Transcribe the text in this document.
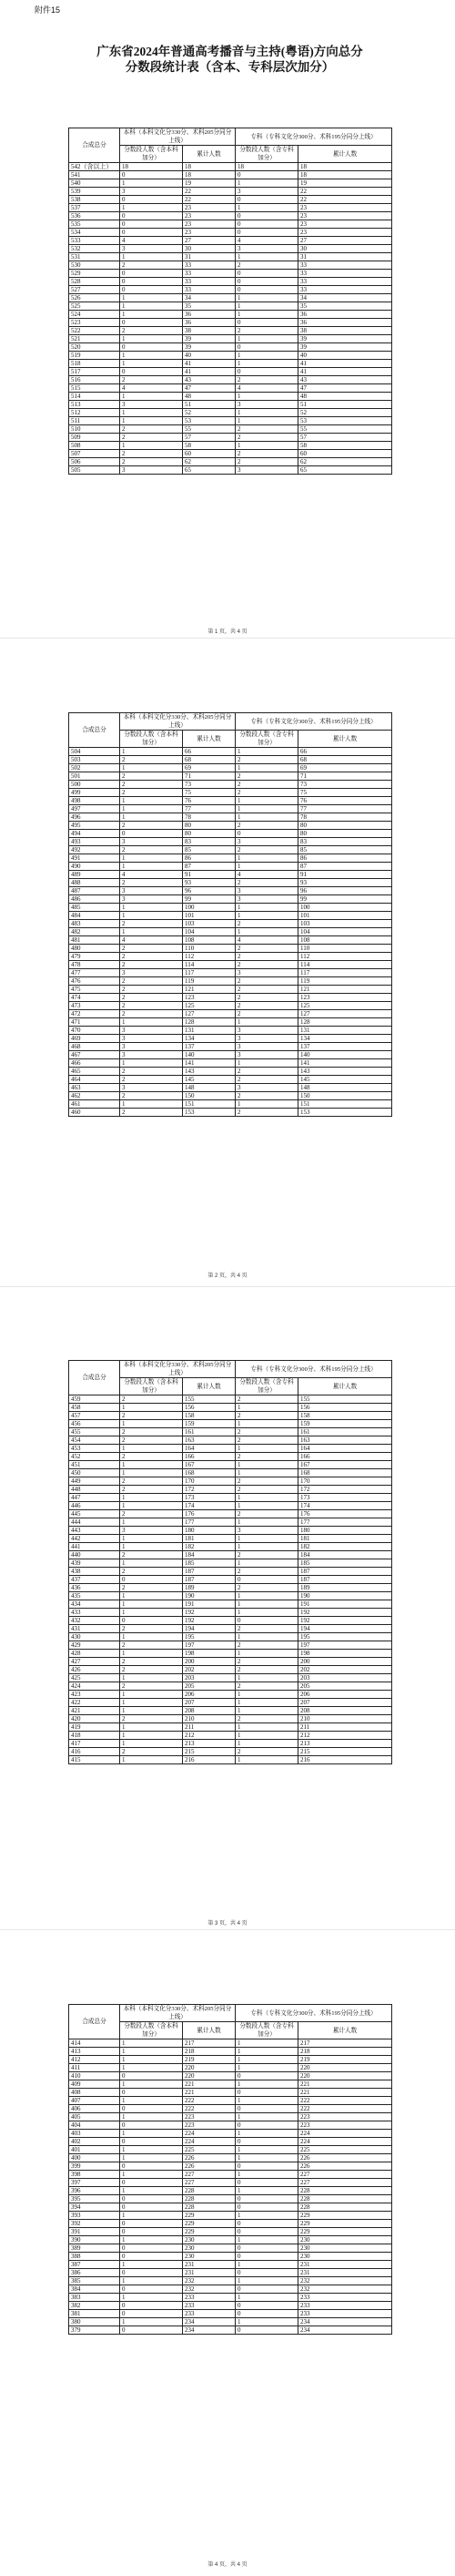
附件15
广东省2024年普通高考播音与主持(粤语)方向总分
分数段统计表（含本、专科层次加分）
合成总分	本科（本科文化分330分、术科205分同分上线）		专科（专科文化分300分、术科195分同分上线）	
	分数段人数（含本科加分）	累计人数	分数段人数（含专科加分）	累计人数
542（含以上）	18	18	18	18
541	0	18	0	18
540	1	19	1	19
539	3	22	3	22
538	0	22	0	22
537	1	23	1	23
536	0	23	0	23
535	0	23	0	23
534	0	23	0	23
533	4	27	4	27
532	3	30	3	30
531	1	31	1	31
530	2	33	2	33
529	0	33	0	33
528	0	33	0	33
527	0	33	0	33
526	1	34	1	34
525	1	35	1	35
524	1	36	1	36
523	0	36	0	36
522	2	38	2	38
521	1	39	1	39
520	0	39	0	39
519	1	40	1	40
518	1	41	1	41
517	0	41	0	41
516	2	43	2	43
515	4	47	4	47
514	1	48	1	48
513	3	51	3	51
512	1	52	1	52
511	1	53	1	53
510	2	55	2	55
509	2	57	2	57
508	1	58	1	58
507	2	60	2	60
506	2	62	2	62
505	3	65	3	65
第 1 页，共 4 页
合成总分	本科（本科文化分330分、术科205分同分上线）		专科（专科文化分300分、术科195分同分上线）	
	分数段人数（含本科加分）	累计人数	分数段人数（含专科加分）	累计人数
504	1	66	1	66
503	2	68	2	68
502	1	69	1	69
501	2	71	2	71
500	2	73	2	73
499	2	75	2	75
498	1	76	1	76
497	1	77	1	77
496	1	78	1	78
495	2	80	2	80
494	0	80	0	80
493	3	83	3	83
492	2	85	2	85
491	1	86	1	86
490	1	87	1	87
489	4	91	4	91
488	2	93	2	93
487	3	96	3	96
486	3	99	3	99
485	1	100	1	100
484	1	101	1	101
483	2	103	2	103
482	1	104	1	104
481	4	108	4	108
480	2	110	2	110
479	2	112	2	112
478	2	114	2	114
477	3	117	3	117
476	2	119	2	119
475	2	121	2	121
474	2	123	2	123
473	2	125	2	125
472	2	127	2	127
471	1	128	1	128
470	3	131	3	131
469	3	134	3	134
468	3	137	3	137
467	3	140	3	140
466	1	141	1	141
465	2	143	2	143
464	2	145	2	145
463	3	148	3	148
462	2	150	2	150
461	1	151	1	151
460	2	153	2	153
第 2 页，共 4 页
合成总分	本科（本科文化分330分、术科205分同分上线）		专科（专科文化分300分、术科195分同分上线）	
	分数段人数（含本科加分）	累计人数	分数段人数（含专科加分）	累计人数
459	2	155	2	155
458	1	156	1	156
457	2	158	2	158
456	1	159	1	159
455	2	161	2	161
454	2	163	2	163
453	1	164	1	164
452	2	166	2	166
451	1	167	1	167
450	1	168	1	168
449	2	170	2	170
448	2	172	2	172
447	1	173	1	173
446	1	174	1	174
445	2	176	2	176
444	1	177	1	177
443	3	180	3	180
442	1	181	1	181
441	1	182	1	182
440	2	184	2	184
439	1	185	1	185
438	2	187	2	187
437	0	187	0	187
436	2	189	2	189
435	1	190	1	190
434	1	191	1	191
433	1	192	1	192
432	0	192	0	192
431	2	194	2	194
430	1	195	1	195
429	2	197	2	197
428	1	198	1	198
427	2	200	2	200
426	2	202	2	202
425	1	203	1	203
424	2	205	2	205
423	1	206	1	206
422	1	207	1	207
421	1	208	1	208
420	2	210	2	210
419	1	211	1	211
418	1	212	1	212
417	1	213	1	213
416	2	215	2	215
415	1	216	1	216
第 3 页，共 4 页
合成总分	本科（本科文化分330分、术科205分同分上线）		专科（专科文化分300分、术科195分同分上线）	
	分数段人数（含本科加分）	累计人数	分数段人数（含专科加分）	累计人数
414	1	217	1	217
413	1	218	1	218
412	1	219	1	219
411	1	220	1	220
410	0	220	0	220
409	1	221	1	221
408	0	221	0	221
407	1	222	1	222
406	0	222	0	222
405	1	223	1	223
404	0	223	0	223
403	1	224	1	224
402	0	224	0	224
401	1	225	1	225
400	1	226	1	226
399	0	226	0	226
398	1	227	1	227
397	0	227	0	227
396	1	228	1	228
395	0	228	0	228
394	0	228	0	228
393	1	229	1	229
392	0	229	0	229
391	0	229	0	229
390	1	230	1	230
389	0	230	0	230
388	0	230	0	230
387	1	231	1	231
386	0	231	0	231
385	1	232	1	232
384	0	232	0	232
383	1	233	1	233
382	0	233	0	233
381	0	233	0	233
380	1	234	1	234
379	0	234	0	234
第 4 页，共 4 页
